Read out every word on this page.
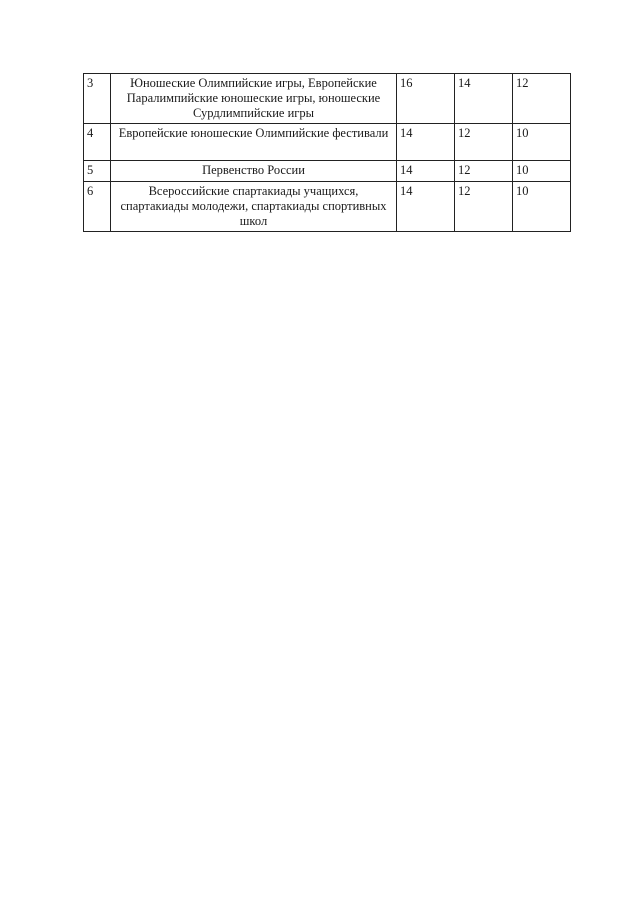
3	Юношеские Олимпийские игры, Европейские Паралимпийские юношеские игры, юношеские Сурдлимпийские игры	16	14	12
4	Европейские юношеские Олимпийские фестивали	14	12	10
5	Первенство России	14	12	10
6	Всероссийские спартакиады учащихся, спартакиады молодежи, спартакиады спортивных школ	14	12	10
